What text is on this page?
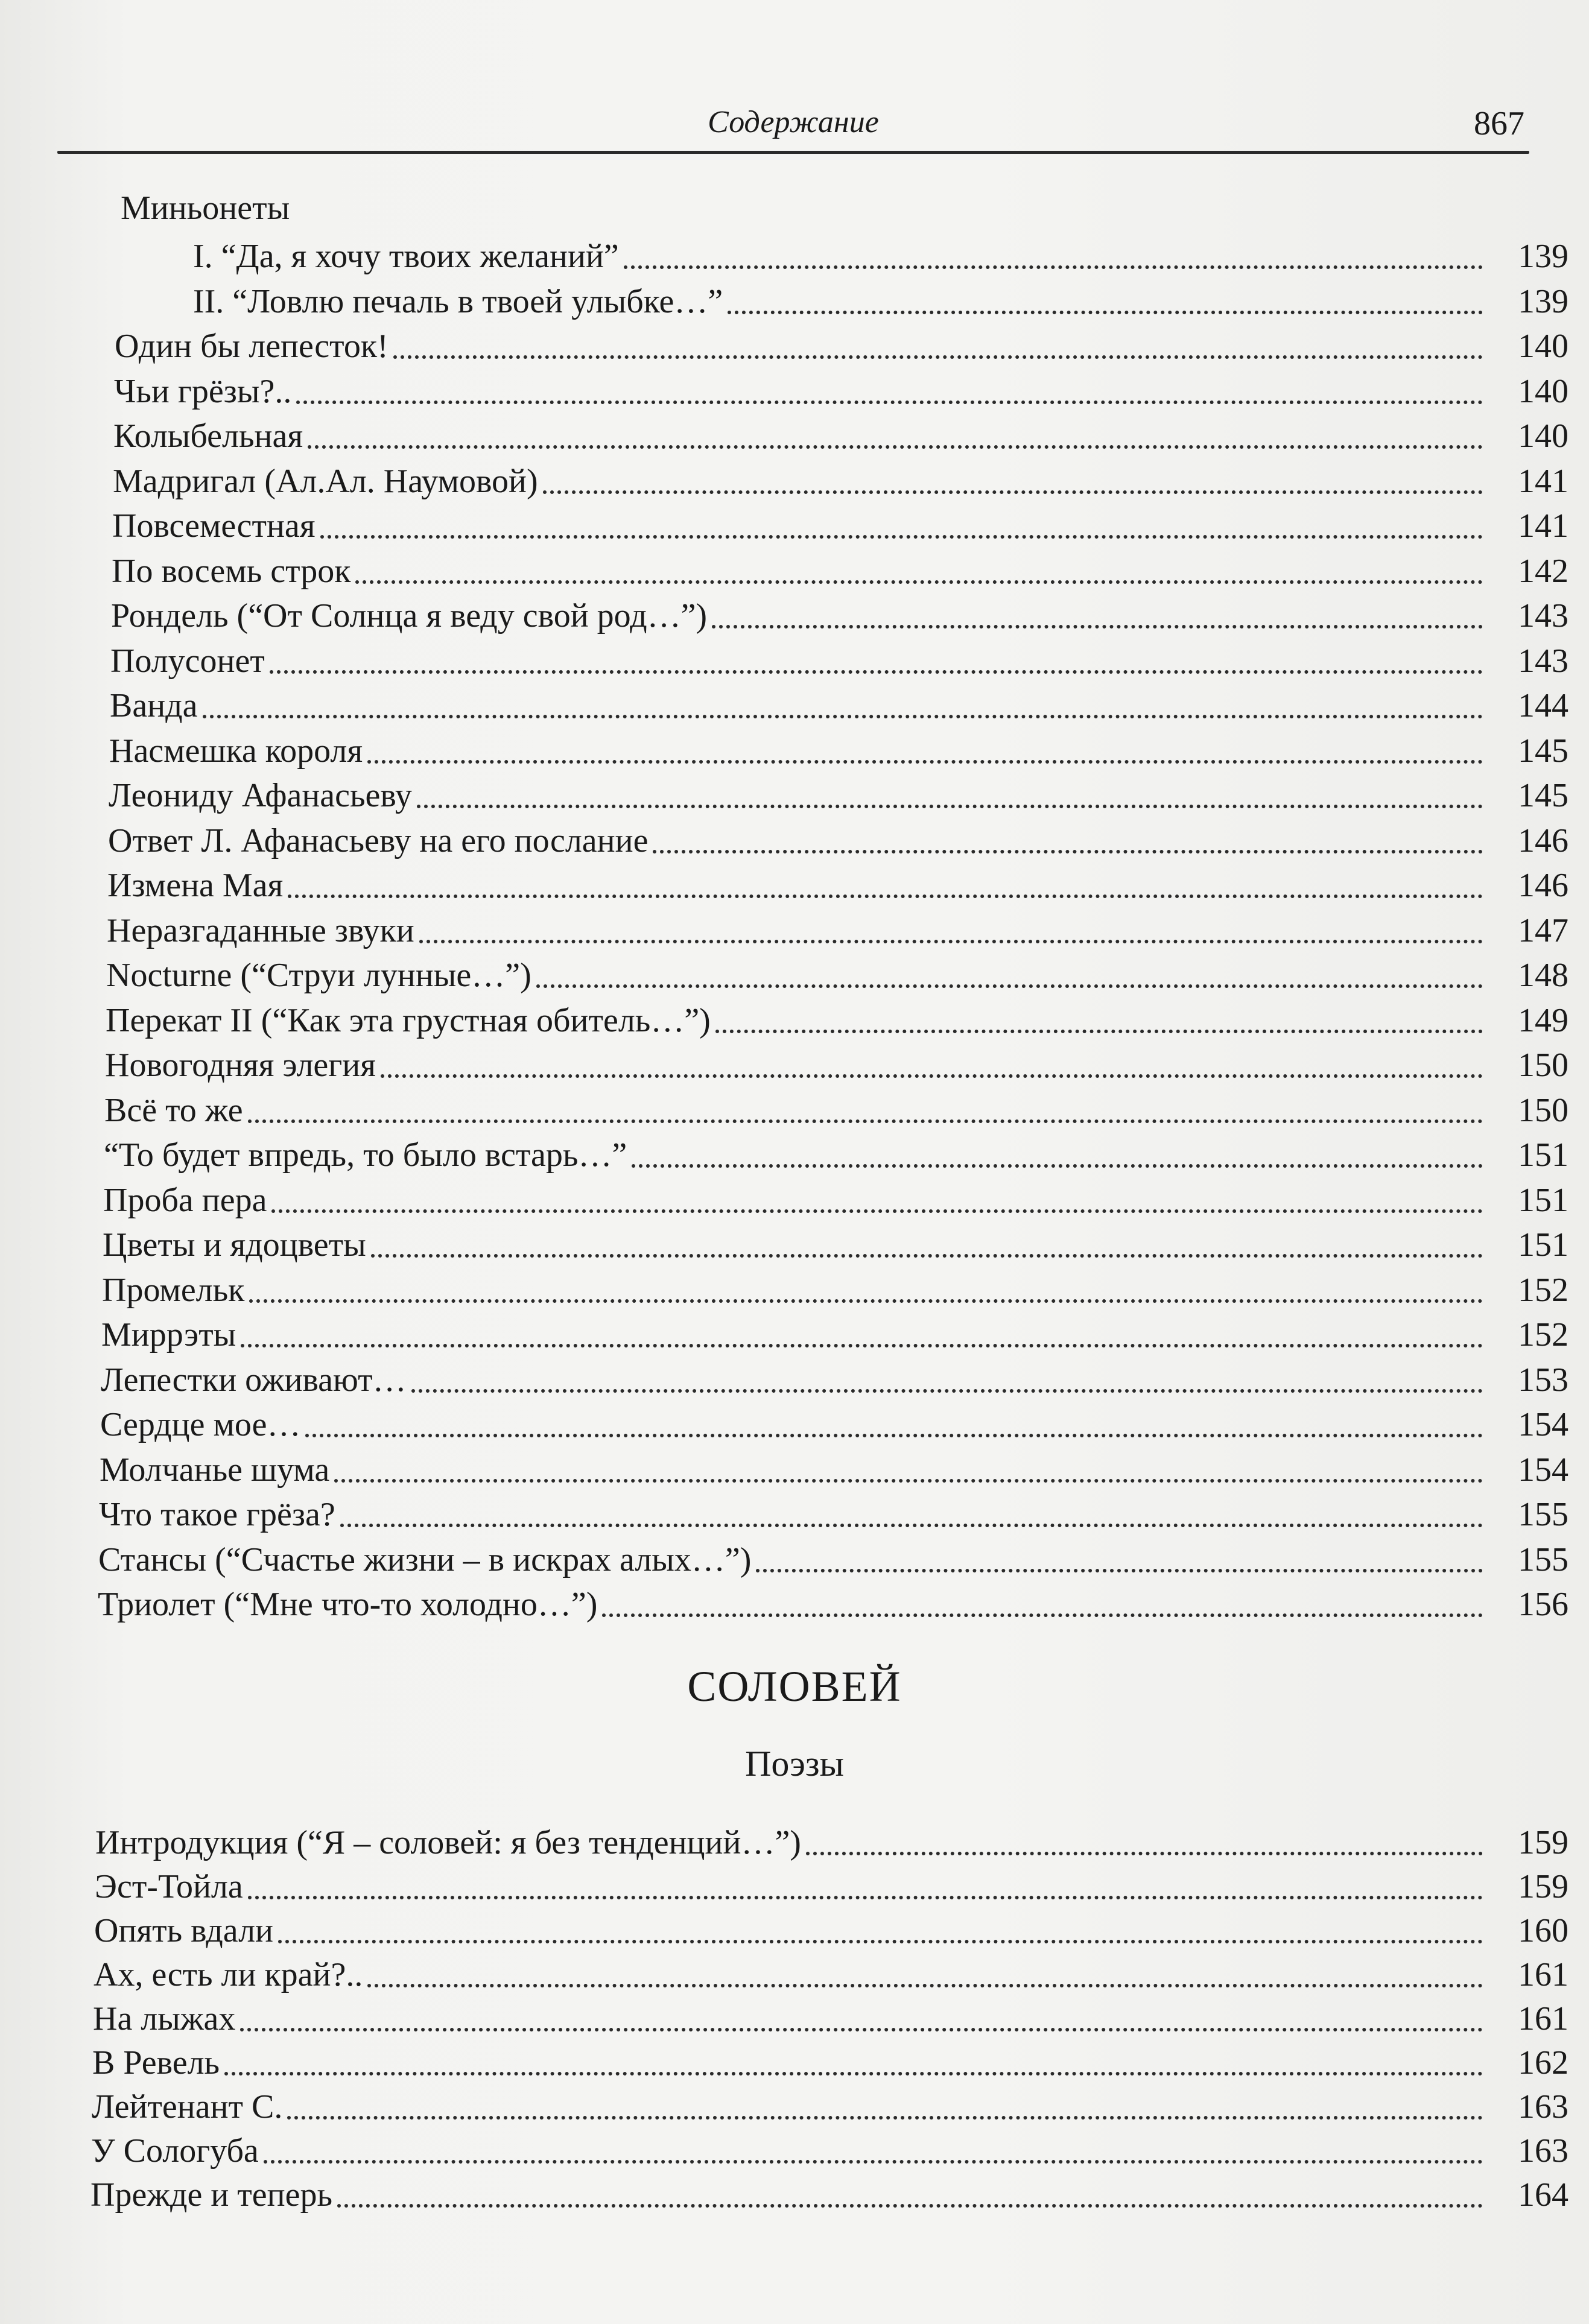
Содержание	867
Миньонеты
I. “Да, я хочу твоих желаний”	139
II. “Ловлю печаль в твоей улыбке…”	139
Один бы лепесток!	140
Чьи грёзы?..	140
Колыбельная	140
Мадригал (Ал.Ал. Наумовой)	141
Повсеместная	141
По восемь строк	142
Рондель (“От Солнца я веду свой род…”)	143
Полусонет	143
Ванда	144
Насмешка короля	145
Леониду Афанасьеву	145
Ответ Л. Афанасьеву на его послание	146
Измена Мая	146
Неразгаданные звуки	147
Nocturne (“Струи лунные…”)	148
Перекат II (“Как эта грустная обитель…”)	149
Новогодняя элегия	150
Всё то же	150
“То будет впредь, то было встарь…”	151
Проба пера	151
Цветы и ядоцветы	151
Промельк	152
Миррэты	152
Лепестки оживают…	153
Сердце мое…	154
Молчанье шума	154
Что такое грёза?	155
Стансы (“Счастье жизни – в искрах алых…”)	155
Триолет (“Мне что-то холодно…”)	156
Интродукция (“Я – соловей: я без тенденций…”)	159
Эст-Тойла	159
Опять вдали	160
Ах, есть ли край?..	161
На лыжах	161
В Ревель	162
Лейтенант С.	163
У Сологуба	163
Прежде и теперь	164
СОЛОВЕЙ
Поэзы
